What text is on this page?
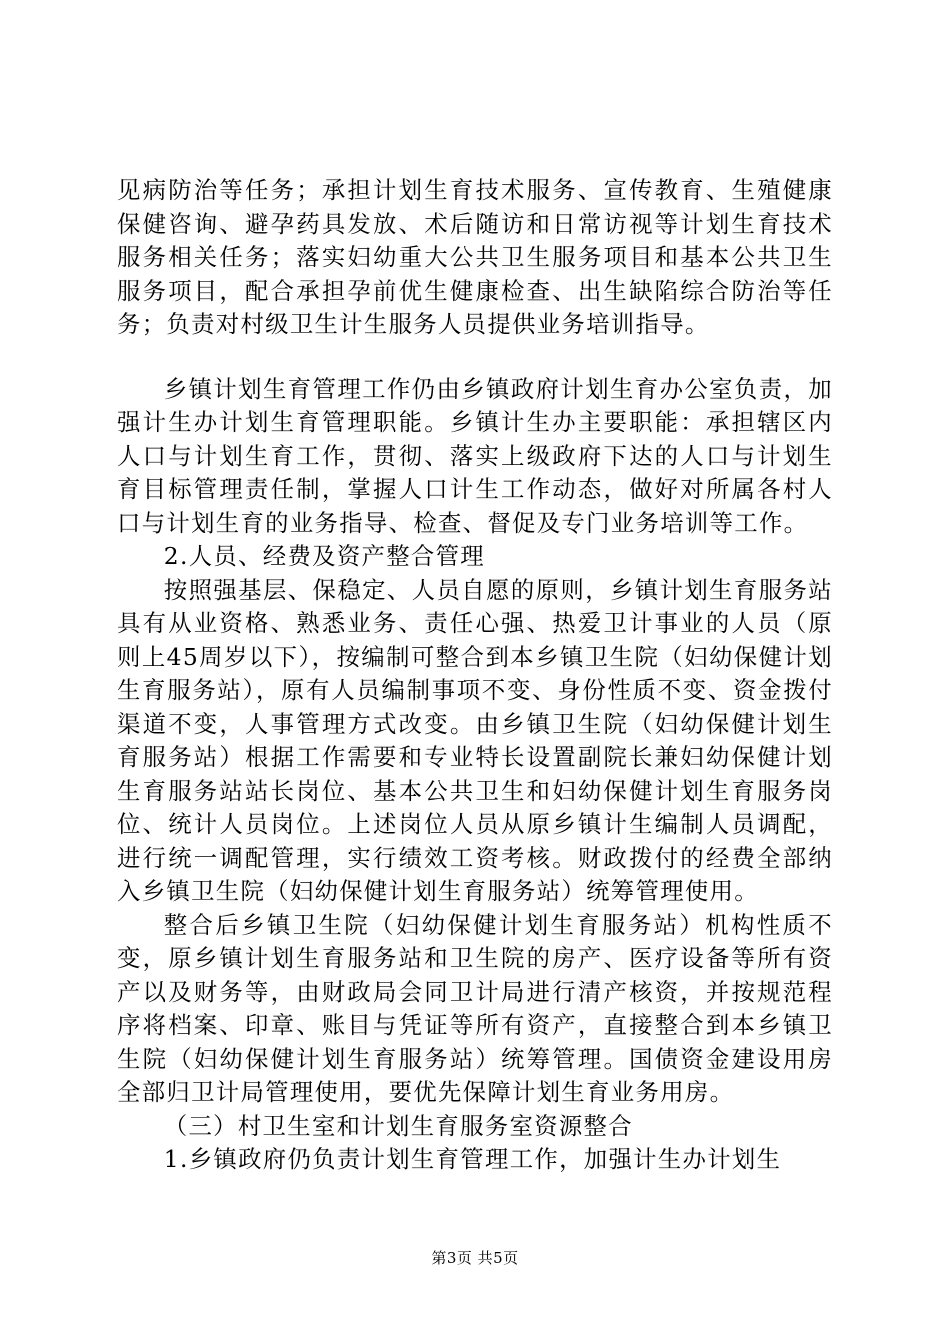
见病防治等任务；承担计划生育技术服务、宣传教育、生殖健康保健咨询、避孕药具发放、术后随访和日常访视等计划生育技术服务相关任务；落实妇幼重大公共卫生服务项目和基本公共卫生服务项目，配合承担孕前优生健康检查、出生缺陷综合防治等任务；负责对村级卫生计生服务人员提供业务培训指导。

乡镇计划生育管理工作仍由乡镇政府计划生育办公室负责，加强计生办计划生育管理职能。乡镇计生办主要职能：承担辖区内人口与计划生育工作，贯彻、落实上级政府下达的人口与计划生育目标管理责任制，掌握人口计生工作动态，做好对所属各村人口与计划生育的业务指导、检查、督促及专门业务培训等工作。

2.人员、经费及资产整合管理

按照强基层、保稳定、人员自愿的原则，乡镇计划生育服务站具有从业资格、熟悉业务、责任心强、热爱卫计事业的人员（原则上45周岁以下），按编制可整合到本乡镇卫生院（妇幼保健计划生育服务站），原有人员编制事项不变、身份性质不变、资金拨付渠道不变，人事管理方式改变。由乡镇卫生院（妇幼保健计划生育服务站）根据工作需要和专业特长设置副院长兼妇幼保健计划生育服务站站长岗位、基本公共卫生和妇幼保健计划生育服务岗位、统计人员岗位。上述岗位人员从原乡镇计生编制人员调配，进行统一调配管理，实行绩效工资考核。财政拨付的经费全部纳入乡镇卫生院（妇幼保健计划生育服务站）统筹管理使用。

整合后乡镇卫生院（妇幼保健计划生育服务站）机构性质不变，原乡镇计划生育服务站和卫生院的房产、医疗设备等所有资产以及财务等，由财政局会同卫计局进行清产核资，并按规范程序将档案、印章、账目与凭证等所有资产，直接整合到本乡镇卫生院（妇幼保健计划生育服务站）统筹管理。国债资金建设用房全部归卫计局管理使用，要优先保障计划生育业务用房。

（三）村卫生室和计划生育服务室资源整合

1.乡镇政府仍负责计划生育管理工作，加强计生办计划生

第3页 共5页
